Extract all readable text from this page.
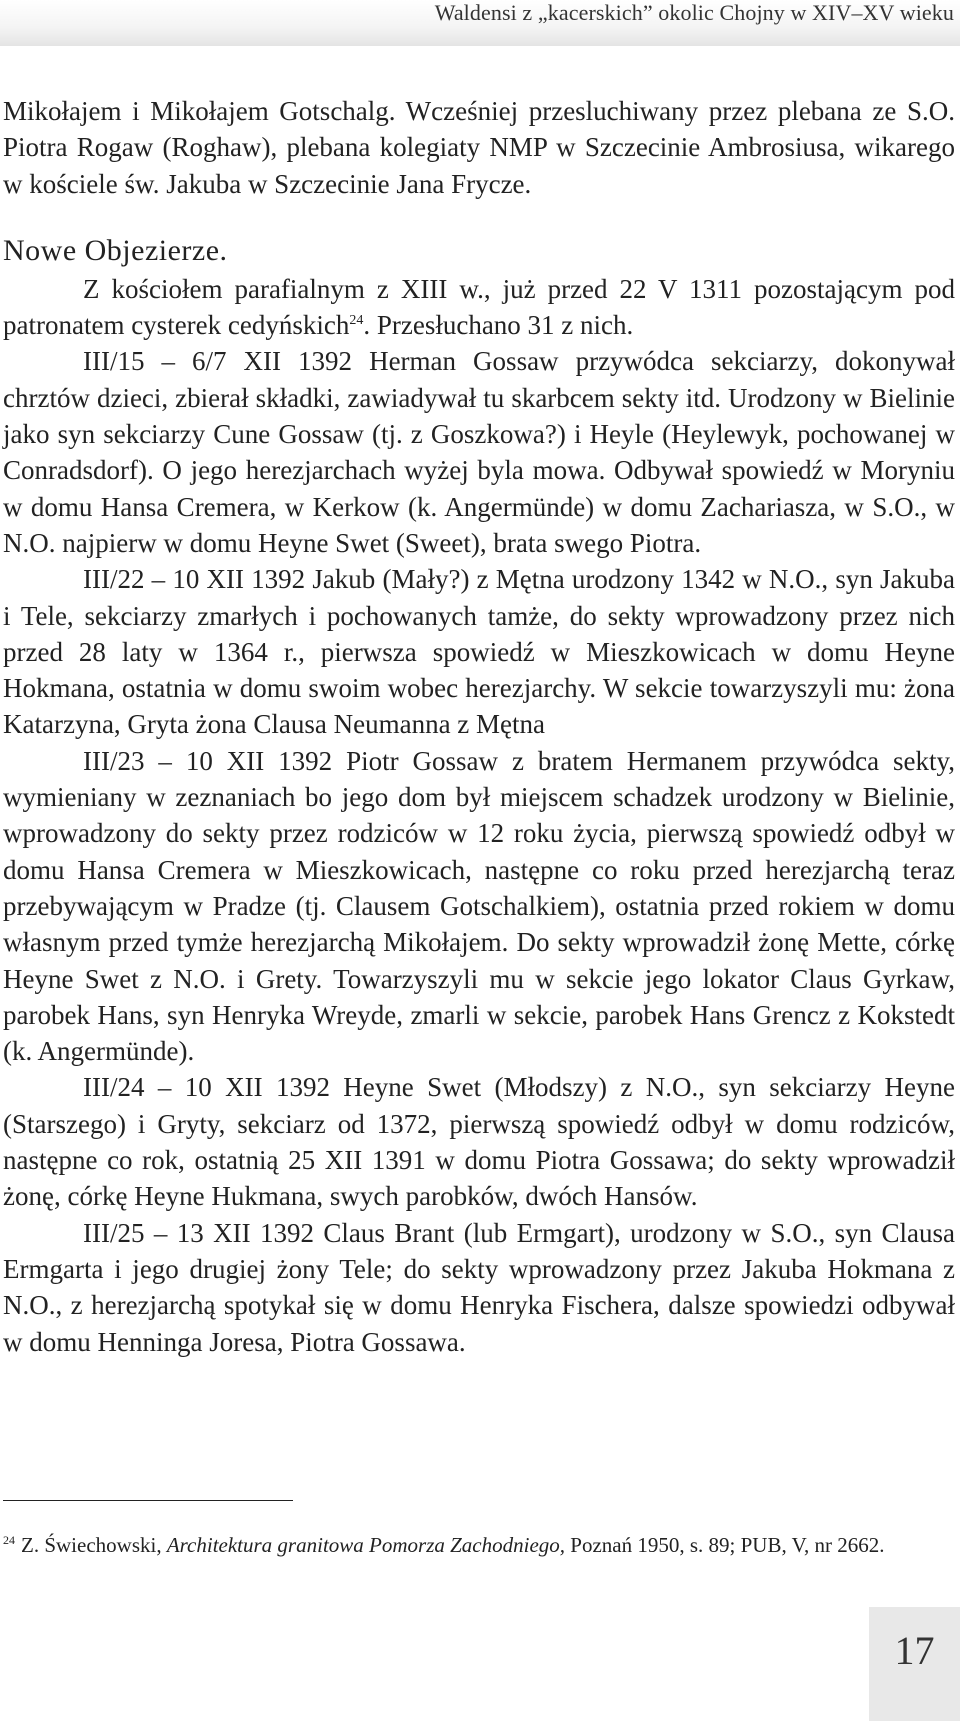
Waldensi z „kacerskich” okolic Chojny w XIV–XV wieku

Mikołajem i Mikołajem Gotschalg. Wcześniej przesluchiwany przez plebana ze S.O. Piotra Rogaw (Roghaw), plebana kolegiaty NMP w Szczecinie Ambrosiusa, wikarego w kościele św. Jakuba w Szczecinie Jana Frycze.

Nowe Objezierze.

Z kościołem parafialnym z XIII w., już przed 22 V 1311 pozostającym pod patronatem cysterek cedyńskich$^{24}$. Przesłuchano 31 z nich.

III/15 – 6/7 XII 1392 Herman Gossaw przywódca sekciarzy, dokonywał chrztów dzieci, zbierał składki, zawiadywał tu skarbcem sekty itd. Urodzony w Bielinie jako syn sekciarzy Cune Gossaw (tj. z Goszkowa?) i Heyle (Heylewyk, pochowanej w Conradsdorf). O jego herezjarchach wyżej byla mowa. Odbywał spowiedź w Moryniu w domu Hansa Cremera, w Kerkow (k. Angermünde) w domu Zachariasza, w S.O., w N.O. najpierw w domu Heyne Swet (Sweet), brata swego Piotra.

III/22 – 10 XII 1392 Jakub (Mały?) z Mętna urodzony 1342 w N.O., syn Jakuba i Tele, sekciarzy zmarłych i pochowanych tamże, do sekty wprowadzony przez nich przed 28 laty w 1364 r., pierwsza spowiedź w Mieszkowicach w domu Heyne Hokmana, ostatnia w domu swoim wobec herezjarchy. W sekcie towarzyszyli mu: żona Katarzyna, Gryta żona Clausa Neumanna z Mętna

III/23 – 10 XII 1392 Piotr Gossaw z bratem Hermanem przywódca sekty, wymieniany w zeznaniach bo jego dom był miejscem schadzek urodzony w Bielinie, wprowadzony do sekty przez rodziców w 12 roku życia, pierwszą spowiedź odbył w domu Hansa Cremera w Mieszkowicach, następne co roku przed herezjarchą teraz przebywającym w Pradze (tj. Clausem Gotschalkiem), ostatnia przed rokiem w domu własnym przed tymże herezjarchą Mikołajem. Do sekty wprowadził żonę Mette, córkę Heyne Swet z N.O. i Grety. Towarzyszyli mu w sekcie jego lokator Claus Gyrkaw, parobek Hans, syn Henryka Wreyde, zmarli w sekcie, parobek Hans Grencz z Kokstedt (k. Angermünde).

III/24 – 10 XII 1392 Heyne Swet (Młodszy) z N.O., syn sekciarzy Heyne (Starszego) i Gryty, sekciarz od 1372, pierwszą spowiedź odbył w domu rodziców, następne co rok, ostatnią 25 XII 1391 w domu Piotra Gossawa; do sekty wprowadził żonę, córkę Heyne Hukmana, swych parobków, dwóch Hansów.

III/25 – 13 XII 1392 Claus Brant (lub Ermgart), urodzony w S.O., syn Clausa Ermgarta i jego drugiej żony Tele; do sekty wprowadzony przez Jakuba Hokmana z N.O., z herezjarchą spotykał się w domu Henryka Fischera, dalsze spowiedzi odbywał w domu Henninga Joresa, Piotra Gossawa.

$^{24}$ Z. Świechowski, Architektura granitowa Pomorza Zachodniego, Poznań 1950, s. 89; PUB, V, nr 2662.
17
